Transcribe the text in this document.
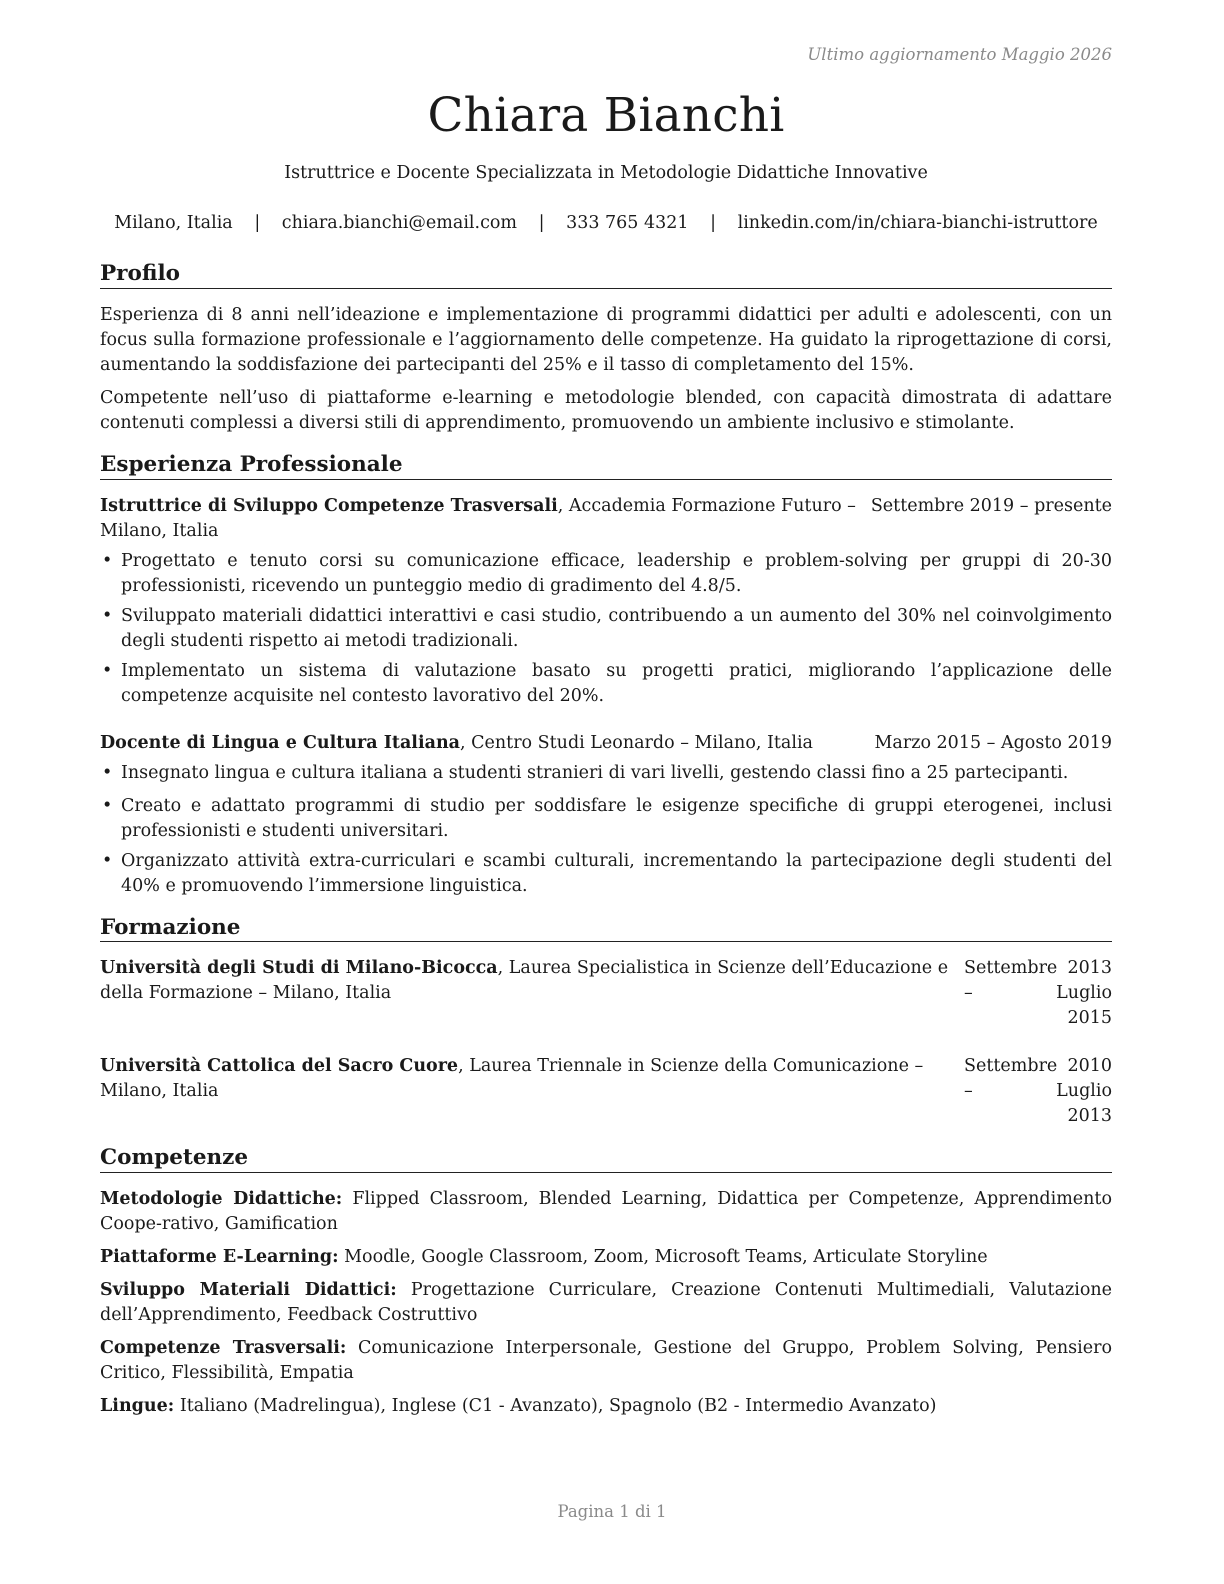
Ultimo aggiornamento Maggio 2026
Chiara Bianchi
Istruttrice e Docente Specializzata in Metodologie Didattiche Innovative
Milano, Italia | chiara.bianchi@email.com | 333 765 4321 | linkedin.com/in/chiara-bianchi-istruttore
Profilo

Esperienza di 8 anni nell’ideazione e implementazione di programmi didattici per adulti e adolescenti, con un focus sulla formazione professionale e l’aggiornamento delle competenze. Ha guidato la riprogettazione di corsi, aumentando la soddisfazione dei partecipanti del 25% e il tasso di completamento del 15%.

Competente nell’uso di piattaforme e-learning e metodologie blended, con capacità dimostrata di adattare contenuti complessi a diversi stili di apprendimento, promuovendo un ambiente inclusivo e stimolante.

Esperienza Professionale
Istruttrice di Sviluppo Competenze Trasversali, Accademia Formazione Futuro – Milano, Italia
Settembre 2019 – presente
• Progettato e tenuto corsi su comunicazione efficace, leadership e problem-solving per gruppi di 20-30 professionisti, ricevendo un punteggio medio di gradimento del 4.8/5.
• Sviluppato materiali didattici interattivi e casi studio, contribuendo a un aumento del 30% nel coinvolgimento degli studenti rispetto ai metodi tradizionali.
• Implementato un sistema di valutazione basato su progetti pratici, migliorando l’applicazione delle competenze acquisite nel contesto lavorativo del 20%.
Docente di Lingua e Cultura Italiana, Centro Studi Leonardo – Milano, Italia	Marzo 2015 – Agosto 2019
• Insegnato lingua e cultura italiana a studenti stranieri di vari livelli, gestendo classi fino a 25 partecipanti.
• Creato e adattato programmi di studio per soddisfare le esigenze specifiche di gruppi eterogenei, inclusi professionisti e studenti universitari.
• Organizzato attività extra-curriculari e scambi culturali, incrementando la partecipazione degli studenti del 40% e promuovendo l’immersione linguistica.
Formazione
Università degli Studi di Milano-Bicocca, Laurea Specialistica in Scienze dell’Educazione e della Formazione – Milano, Italia
Settembre 2013 – Luglio
2015
Università Cattolica del Sacro Cuore, Laurea Triennale in Scienze della Comunicazione – Milano, Italia
Settembre 2010 – Luglio
2013
Competenze

Metodologie Didattiche: Flipped Classroom, Blended Learning, Didattica per Competenze, Apprendimento Coope-rativo, Gamification

Piattaforme E-Learning: Moodle, Google Classroom, Zoom, Microsoft Teams, Articulate Storyline

Sviluppo Materiali Didattici: Progettazione Curriculare, Creazione Contenuti Multimediali, Valutazione dell’Apprendimento, Feedback Costruttivo

Competenze Trasversali: Comunicazione Interpersonale, Gestione del Gruppo, Problem Solving, Pensiero Critico, Flessibilità, Empatia

Lingue: Italiano (Madrelingua), Inglese (C1 - Avanzato), Spagnolo (B2 - Intermedio Avanzato)

Pagina 1 di 1
